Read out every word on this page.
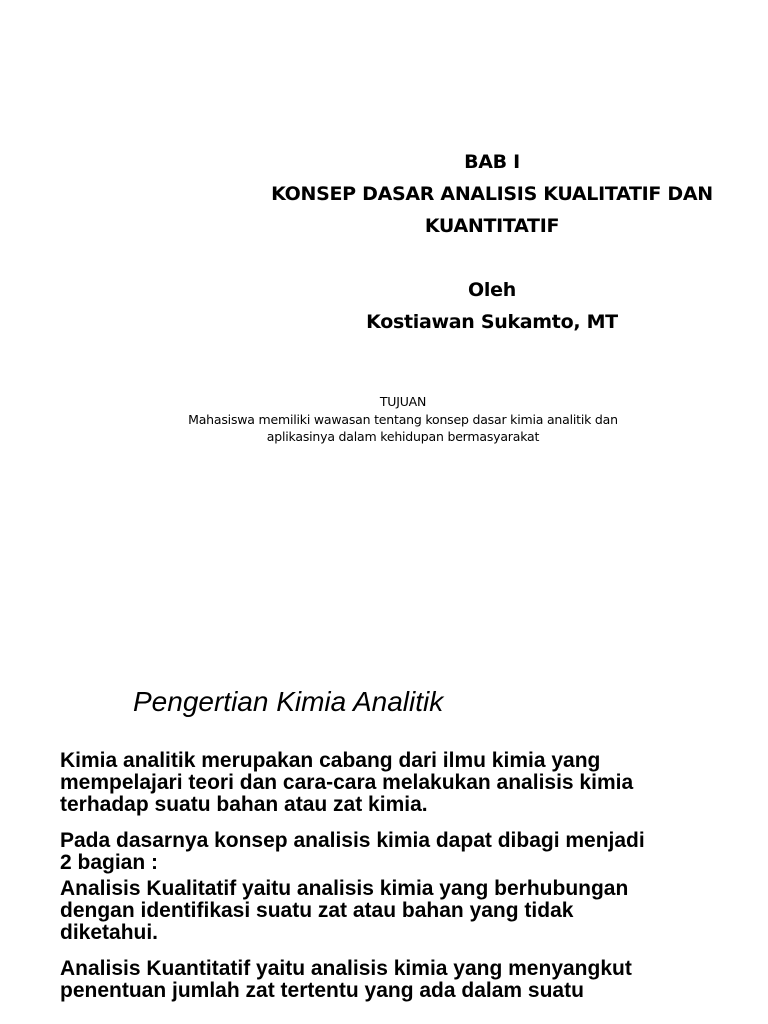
BAB I
KONSEP DASAR ANALISIS KUALITATIF DAN
KUANTITATIF
Oleh
Kostiawan Sukamto, MT
TUJUAN
Mahasiswa memiliki wawasan tentang konsep dasar kimia analitik dan
aplikasinya dalam kehidupan bermasyarakat
Pengertian Kimia Analitik

Kimia analitik merupakan cabang dari ilmu kimia yang

mempelajari teori dan cara-cara melakukan analisis kimia

terhadap suatu bahan atau zat kimia.

Pada dasarnya konsep analisis kimia dapat dibagi menjadi

2 bagian :

Analisis Kualitatif yaitu analisis kimia yang berhubungan

dengan identifikasi suatu zat atau bahan yang tidak

diketahui.

Analisis Kuantitatif yaitu analisis kimia yang menyangkut

penentuan jumlah zat tertentu yang ada dalam suatu
